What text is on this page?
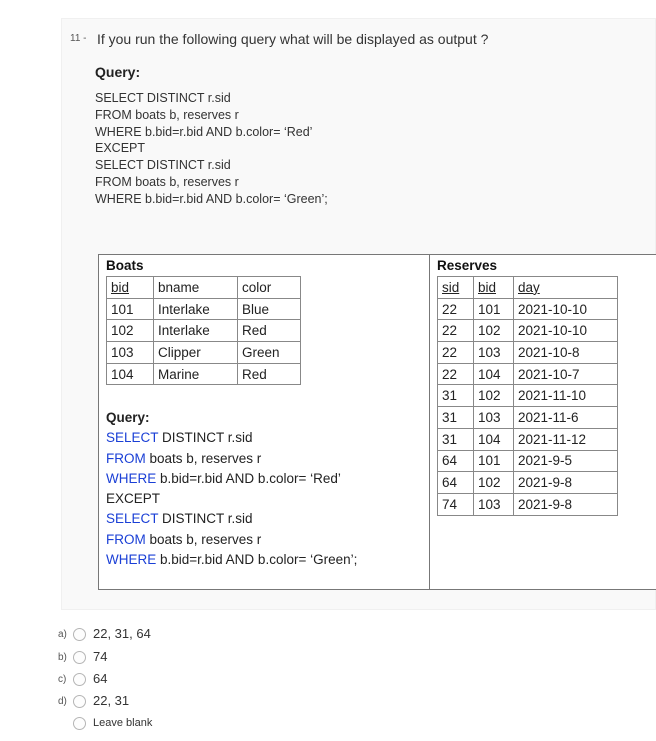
11 - If you run the following query what will be displayed as output ?
Query:
SELECT DISTINCT r.sid
FROM boats b, reserves r
WHERE b.bid=r.bid AND b.color= ‘Red’
EXCEPT
SELECT DISTINCT r.sid
FROM boats b, reserves r
WHERE b.bid=r.bid AND b.color= ‘Green’;
Boats
bid	bname	color
101	Interlake	Blue
102	Interlake	Red
103	Clipper	Green
104	Marine	Red
Query:
SELECT DISTINCT r.sid
FROM boats b, reserves r
WHERE b.bid=r.bid AND b.color= ‘Red’
EXCEPT
SELECT DISTINCT r.sid
FROM boats b, reserves r
WHERE b.bid=r.bid AND b.color= ‘Green’;
Reserves
sid	bid	day
22	101	2021-10-10
22	102	2021-10-10
22	103	2021-10-8
22	104	2021-10-7
31	102	2021-11-10
31	103	2021-11-6
31	104	2021-11-12
64	101	2021-9-5
64	102	2021-9-8
74	103	2021-9-8
a) 22, 31, 64
b) 74
c) 64
d) 22, 31
Leave blank
